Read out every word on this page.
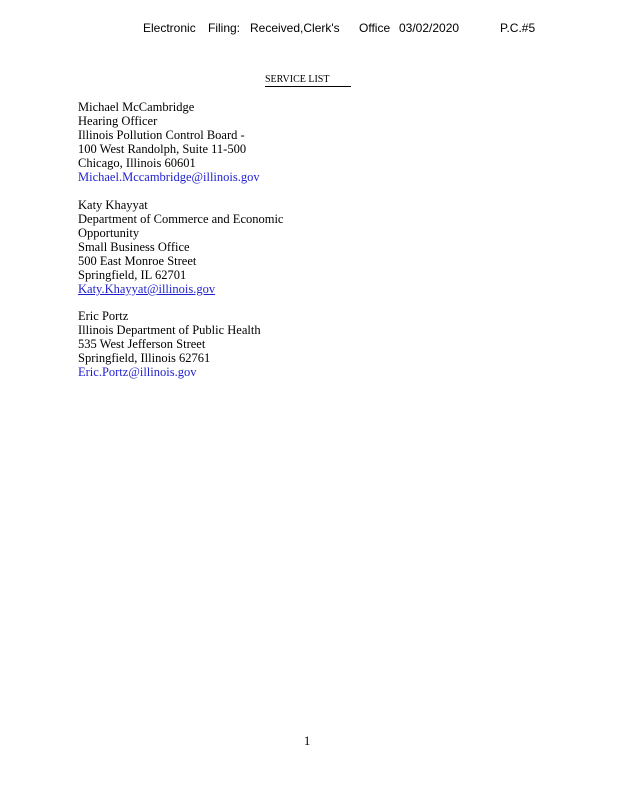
Electronic Filing: Received,Clerk's Office 03/02/2020	P.C.#5
SERVICE LIST
Michael McCambridge
Hearing Officer
Illinois Pollution Control Board -
100 West Randolph, Suite 11-500
Chicago, Illinois 60601
Michael.Mccambridge@illinois.gov
Katy Khayyat
Department of Commerce and Economic
Opportunity
Small Business Office
500 East Monroe Street
Springfield, IL 62701
Katy.Khayyat@illinois.gov
Eric Portz
Illinois Department of Public Health
535 West Jefferson Street
Springfield, Illinois 62761
Eric.Portz@illinois.gov
1
